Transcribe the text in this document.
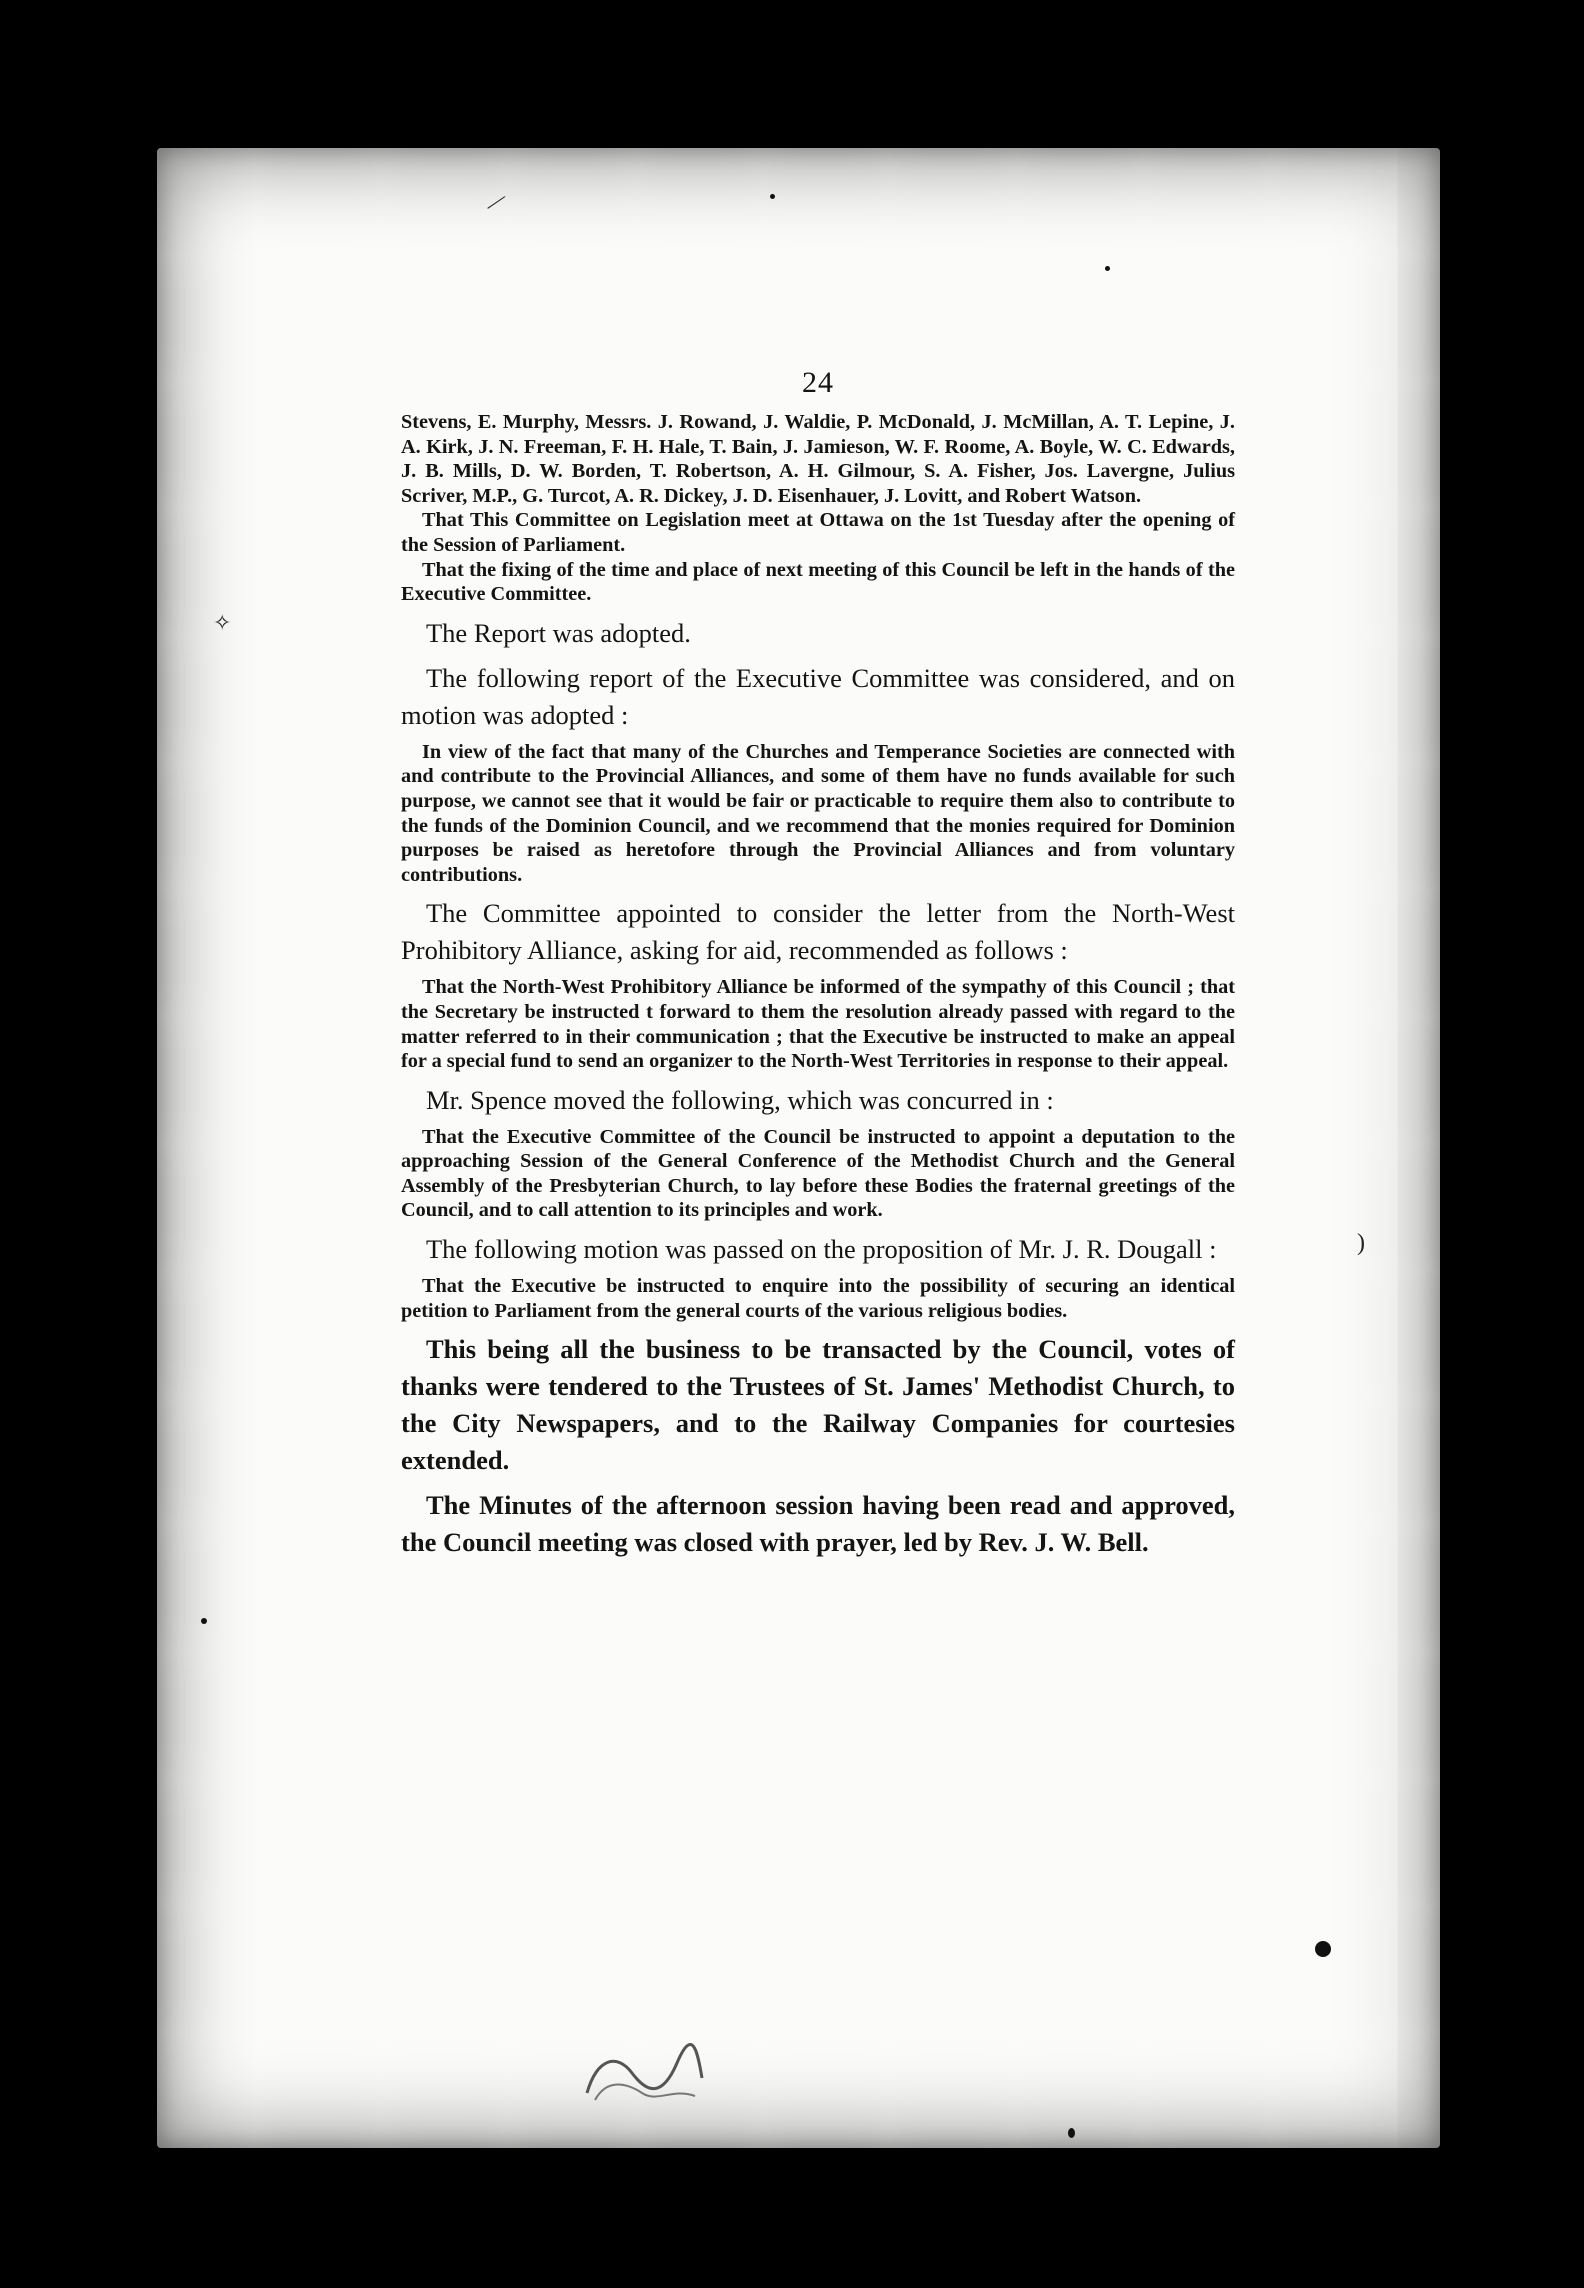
⁄
✧
)
24

Stevens, E. Murphy, Messrs. J. Rowand, J. Waldie, P. McDonald, J. McMillan, A. T. Lepine, J. A. Kirk, J. N. Freeman, F. H. Hale, T. Bain, J. Jamieson, W. F. Roome, A. Boyle, W. C. Edwards, J. B. Mills, D. W. Borden, T. Robertson, A. H. Gilmour, S. A. Fisher, Jos. Lavergne, Julius Scriver, M.P., G. Turcot, A. R. Dickey, J. D. Eisenhauer, J. Lovitt, and Robert Watson.

That This Committee on Legislation meet at Ottawa on the 1st Tuesday after the opening of the Session of Parliament.

That the fixing of the time and place of next meeting of this Council be left in the hands of the Executive Committee.

The Report was adopted.

The following report of the Executive Committee was considered, and on motion was adopted :

In view of the fact that many of the Churches and Temperance Societies are connected with and contribute to the Provincial Alliances, and some of them have no funds available for such purpose, we cannot see that it would be fair or practicable to require them also to contribute to the funds of the Dominion Council, and we recommend that the monies required for Dominion purposes be raised as heretofore through the Provincial Alliances and from voluntary contributions.

The Committee appointed to consider the letter from the North-West Prohibitory Alliance, asking for aid, recommended as follows :

That the North-West Prohibitory Alliance be informed of the sympathy of this Council ; that the Secretary be instructed t forward to them the resolution already passed with regard to the matter referred to in their communication ; that the Executive be instructed to make an appeal for a special fund to send an organizer to the North-West Territories in response to their appeal.

Mr. Spence moved the following, which was concurred in :

That the Executive Committee of the Council be instructed to appoint a deputation to the approaching Session of the General Conference of the Methodist Church and the General Assembly of the Presbyterian Church, to lay before these Bodies the fraternal greetings of the Council, and to call attention to its principles and work.

The following motion was passed on the proposition of Mr. J. R. Dougall :

That the Executive be instructed to enquire into the possibility of securing an identical petition to Parliament from the general courts of the various religious bodies.

This being all the business to be transacted by the Council, votes of thanks were tendered to the Trustees of St. James' Methodist Church, to the City Newspapers, and to the Railway Companies for courtesies extended.

The Minutes of the afternoon session having been read and approved, the Council meeting was closed with prayer, led by Rev. J. W. Bell.
